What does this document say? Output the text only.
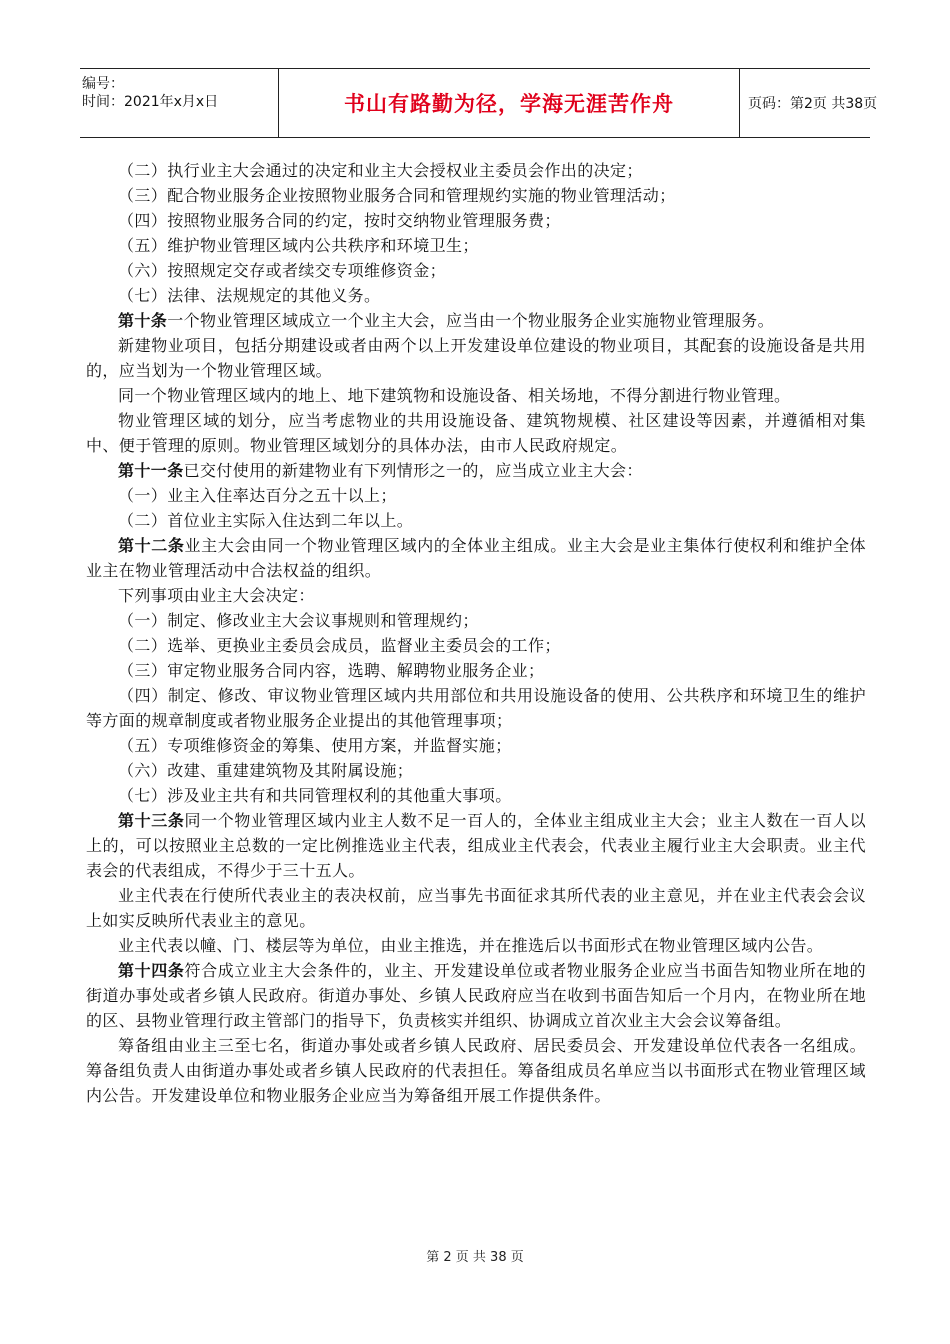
编号：
时间：2021年x月x日	书山有路勤为径，学海无涯苦作舟	页码：第2页 共38页

（二）执行业主大会通过的决定和业主大会授权业主委员会作出的决定；

（三）配合物业服务企业按照物业服务合同和管理规约实施的物业管理活动；

（四）按照物业服务合同的约定，按时交纳物业管理服务费；

（五）维护物业管理区域内公共秩序和环境卫生；

（六）按照规定交存或者续交专项维修资金；

（七）法律、法规规定的其他义务。

第十条一个物业管理区域成立一个业主大会，应当由一个物业服务企业实施物业管理服务。

新建物业项目，包括分期建设或者由两个以上开发建设单位建设的物业项目，其配套的设施设备是共用的，应当划为一个物业管理区域。

同一个物业管理区域内的地上、地下建筑物和设施设备、相关场地，不得分割进行物业管理。

物业管理区域的划分，应当考虑物业的共用设施设备、建筑物规模、社区建设等因素，并遵循相对集中、便于管理的原则。物业管理区域划分的具体办法，由市人民政府规定。

第十一条已交付使用的新建物业有下列情形之一的，应当成立业主大会：

（一）业主入住率达百分之五十以上；

（二）首位业主实际入住达到二年以上。

第十二条业主大会由同一个物业管理区域内的全体业主组成。业主大会是业主集体行使权利和维护全体业主在物业管理活动中合法权益的组织。

下列事项由业主大会决定：

（一）制定、修改业主大会议事规则和管理规约；

（二）选举、更换业主委员会成员，监督业主委员会的工作；

（三）审定物业服务合同内容，选聘、解聘物业服务企业；

（四）制定、修改、审议物业管理区域内共用部位和共用设施设备的使用、公共秩序和环境卫生的维护等方面的规章制度或者物业服务企业提出的其他管理事项；

（五）专项维修资金的筹集、使用方案，并监督实施；

（六）改建、重建建筑物及其附属设施；

（七）涉及业主共有和共同管理权利的其他重大事项。

第十三条同一个物业管理区域内业主人数不足一百人的，全体业主组成业主大会；业主人数在一百人以上的，可以按照业主总数的一定比例推选业主代表，组成业主代表会，代表业主履行业主大会职责。业主代表会的代表组成，不得少于三十五人。

业主代表在行使所代表业主的表决权前，应当事先书面征求其所代表的业主意见，并在业主代表会会议上如实反映所代表业主的意见。

业主代表以幢、门、楼层等为单位，由业主推选，并在推选后以书面形式在物业管理区域内公告。

第十四条符合成立业主大会条件的，业主、开发建设单位或者物业服务企业应当书面告知物业所在地的街道办事处或者乡镇人民政府。街道办事处、乡镇人民政府应当在收到书面告知后一个月内，在物业所在地的区、县物业管理行政主管部门的指导下，负责核实并组织、协调成立首次业主大会会议筹备组。

筹备组由业主三至七名，街道办事处或者乡镇人民政府、居民委员会、开发建设单位代表各一名组成。筹备组负责人由街道办事处或者乡镇人民政府的代表担任。筹备组成员名单应当以书面形式在物业管理区域内公告。开发建设单位和物业服务企业应当为筹备组开展工作提供条件。

第 2 页 共 38 页
